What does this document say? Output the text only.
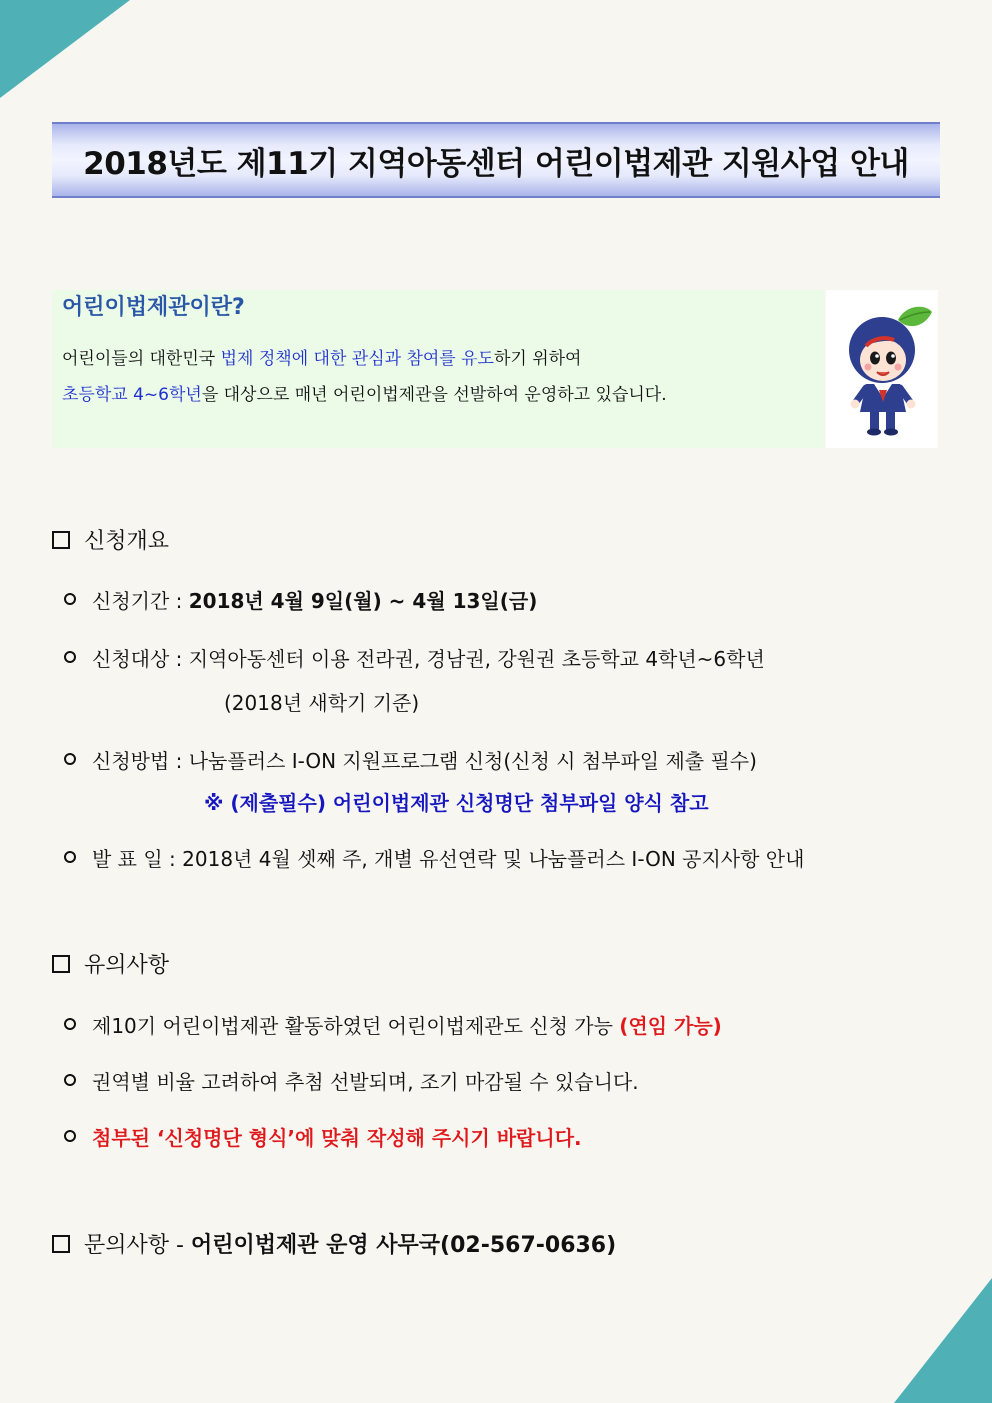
2018년도 제11기 지역아동센터 어린이법제관 지원사업 안내
어린이법제관이란?
어린이들의 대한민국 법제 정책에 대한 관심과 참여를 유도하기 위하여
초등학교 4~6학년을 대상으로 매년 어린이법제관을 선발하여 운영하고 있습니다.
신청개요
신청기간 : 2018년 4월 9일(월) ~ 4월 13일(금)
신청대상 : 지역아동센터 이용 전라권, 경남권, 강원권 초등학교 4학년~6학년
(2018년 새학기 기준)
신청방법 : 나눔플러스 I-ON 지원프로그램 신청(신청 시 첨부파일 제출 필수)
※ (제출필수) 어린이법제관 신청명단 첨부파일 양식 참고
발 표 일 : 2018년 4월 셋째 주, 개별 유선연락 및 나눔플러스 I-ON 공지사항 안내
유의사항
제10기 어린이법제관 활동하였던 어린이법제관도 신청 가능 (연임 가능)
권역별 비율 고려하여 추첨 선발되며, 조기 마감될 수 있습니다.
첨부된 ‘신청명단 형식’에 맞춰 작성해 주시기 바랍니다.
문의사항 - 어린이법제관 운영 사무국(02-567-0636)
